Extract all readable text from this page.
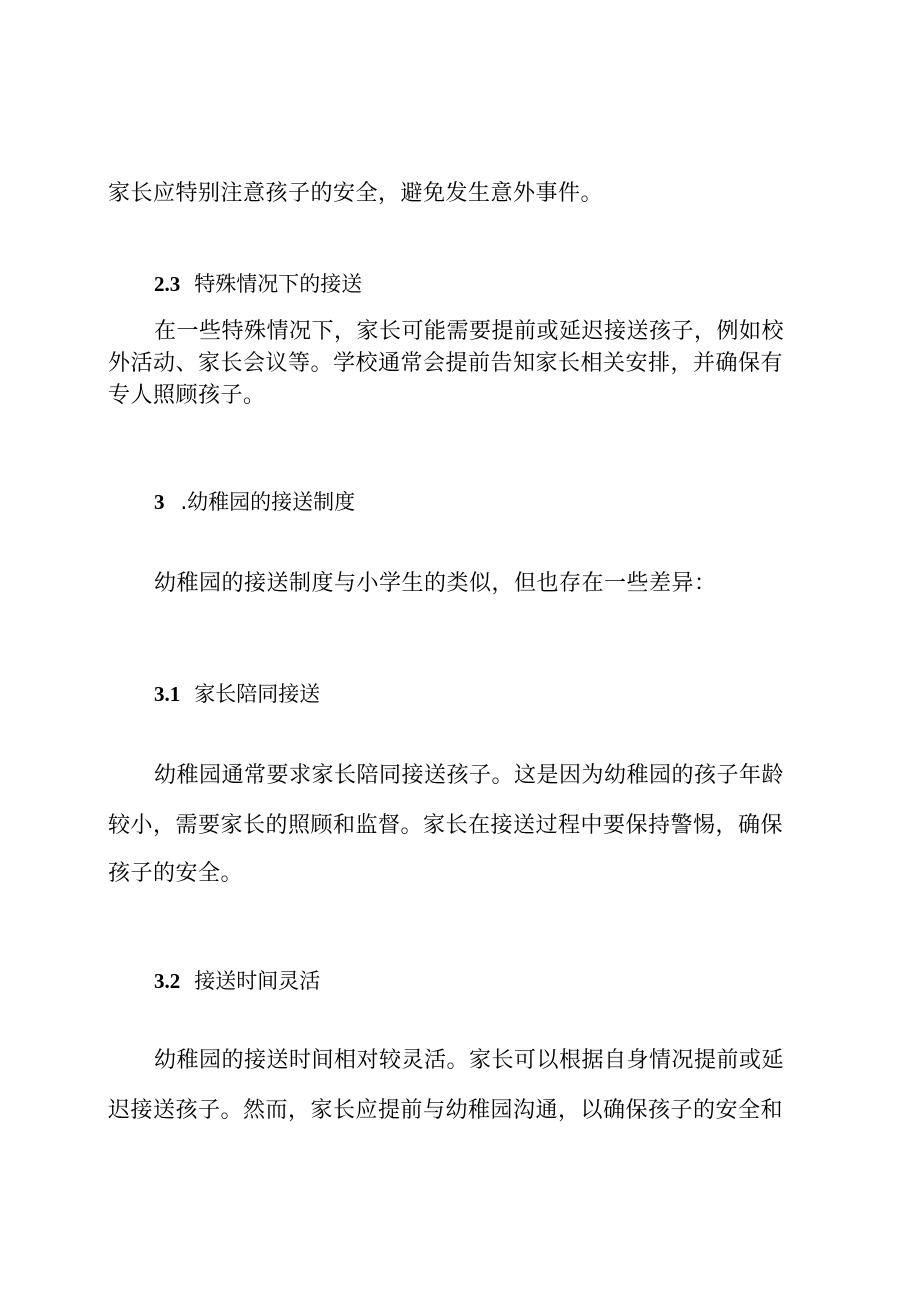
家长应特别注意孩子的安全，避免发生意外事件。
2.3 特殊情况下的接送
在一些特殊情况下，家长可能需要提前或延迟接送孩子，例如校
外活动、家长会议等。学校通常会提前告知家长相关安排，并确保有
专人照顾孩子。
3 .幼稚园的接送制度
幼稚园的接送制度与小学生的类似，但也存在一些差异：
3.1 家长陪同接送
幼稚园通常要求家长陪同接送孩子。这是因为幼稚园的孩子年龄
较小，需要家长的照顾和监督。家长在接送过程中要保持警惕，确保
孩子的安全。
3.2 接送时间灵活
幼稚园的接送时间相对较灵活。家长可以根据自身情况提前或延
迟接送孩子。然而，家长应提前与幼稚园沟通，以确保孩子的安全和
